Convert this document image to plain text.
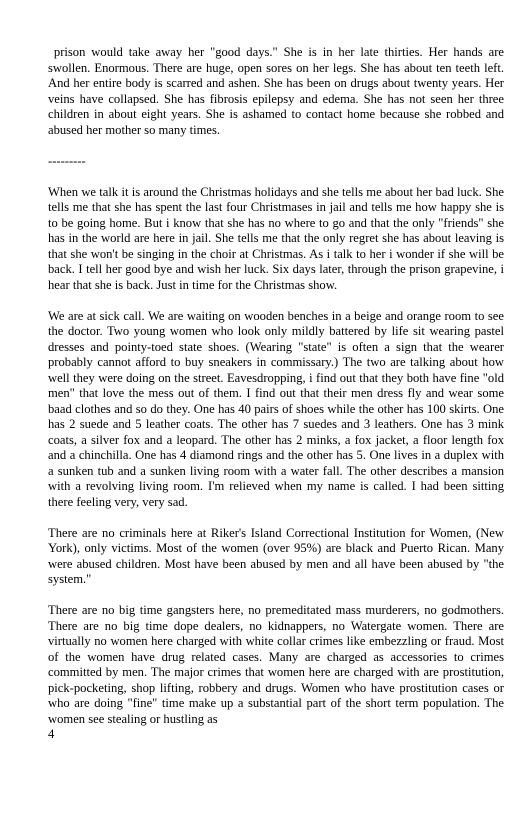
prison would take away her "good days." She is in her late thirties. Her hands are swollen. Enormous. There are huge, open sores on her legs. She has about ten teeth left. And her entire body is scarred and ashen. She has been on drugs about twenty years. Her veins have collapsed. She has fibrosis epilepsy and edema. She has not seen her three children in about eight years. She is ashamed to contact home because she robbed and abused her mother so many times.

---------

When we talk it is around the Christmas holidays and she tells me about her bad luck. She tells me that she has spent the last four Christmases in jail and tells me how happy she is to be going home. But i know that she has no where to go and that the only "friends" she has in the world are here in jail. She tells me that the only regret she has about leaving is that she won't be singing in the choir at Christmas. As i talk to her i wonder if she will be back. I tell her good bye and wish her luck. Six days later, through the prison grapevine, i hear that she is back. Just in time for the Christmas show.

We are at sick call. We are waiting on wooden benches in a beige and orange room to see the doctor. Two young women who look only mildly battered by life sit wearing pastel dresses and pointy-toed state shoes. (Wearing "state" is often a sign that the wearer probably cannot afford to buy sneakers in commissary.) The two are talking about how well they were doing on the street. Eavesdropping, i find out that they both have fine "old men" that love the mess out of them. I find out that their men dress fly and wear some baad clothes and so do they. One has 40 pairs of shoes while the other has 100 skirts. One has 2 suede and 5 leather coats. The other has 7 suedes and 3 leathers. One has 3 mink coats, a silver fox and a leopard. The other has 2 minks, a fox jacket, a floor length fox and a chinchilla. One has 4 diamond rings and the other has 5. One lives in a duplex with a sunken tub and a sunken living room with a water fall. The other describes a mansion with a revolving living room. I'm relieved when my name is called. I had been sitting there feeling very, very sad.

There are no criminals here at Riker's Island Correctional Institution for Women, (New York), only victims. Most of the women (over 95%) are black and Puerto Rican. Many were abused children. Most have been abused by men and all have been abused by "the system."

There are no big time gangsters here, no premeditated mass murderers, no godmothers. There are no big time dope dealers, no kidnappers, no Watergate women. There are virtually no women here charged with white collar crimes like embezzling or fraud. Most of the women have drug related cases. Many are charged as accessories to crimes committed by men. The major crimes that women here are charged with are prostitution, pick-pocketing, shop lifting, robbery and drugs. Women who have prostitution cases or who are doing "fine" time make up a substantial part of the short term population. The women see stealing or hustling as

4
